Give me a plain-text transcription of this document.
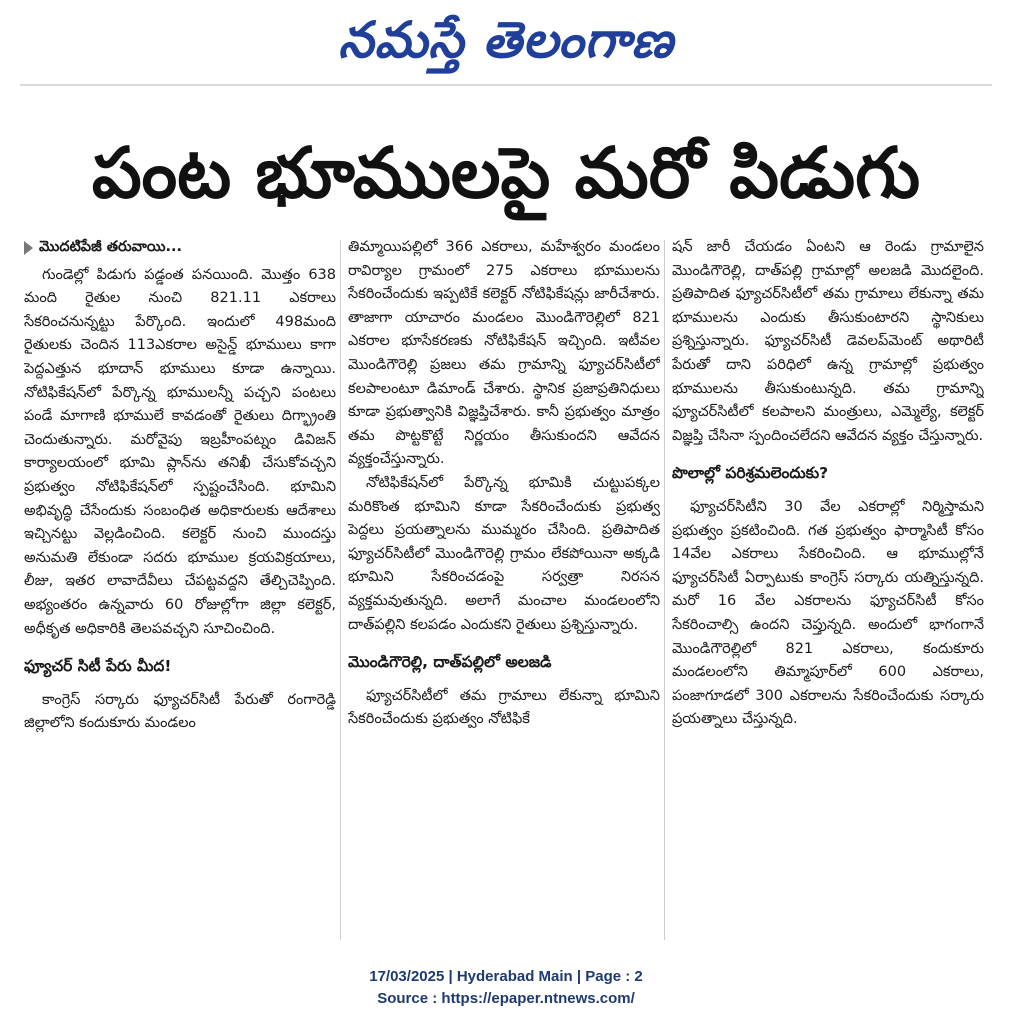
నమస్తే తెలంగాణ
పంట భూములపై మరో పిడుగు
మొదటిపేజీ తరువాయి...

గుండెల్లో పిడుగు పడ్డంత పనయింది. మొత్తం 638 మంది రైతుల నుంచి 821.11 ఎకరాలు సేకరించనున్నట్టు పేర్కొంది. ఇందులో 498మంది రైతులకు చెందిన 113ఎకరాల అసైన్డ్ భూములు కాగా పెద్దఎత్తున భూదాన్ భూములు కూడా ఉన్నాయి. నోటిఫికేషన్‌లో పేర్కొన్న భూములన్నీ పచ్చని పంటలు పండే మాగాణి భూములే కావడంతో రైతులు దిగ్భ్రాంతి చెందుతున్నారు. మరోవైపు ఇబ్రహీంపట్నం డివిజన్ కార్యాలయంలో భూమి ప్లాన్‌ను తనిఖీ చేసుకోవచ్చని ప్రభుత్వం నోటిఫికేషన్‌లో స్పష్టంచేసింది. భూమిని అభివృద్ధి చేసేందుకు సంబంధిత అధికారులకు ఆదేశాలు ఇచ్చినట్టు వెల్లడించింది. కలెక్టర్ నుంచి ముందస్తు అనుమతి లేకుండా సదరు భూముల క్రయవిక్రయాలు, లీజు, ఇతర లావాదేవీలు చేపట్టవద్దని తేల్చిచెప్పింది. అభ్యంతరం ఉన్నవారు 60 రోజుల్లోగా జిల్లా కలెక్టర్, అధీకృత అధికారికి తెలపవచ్చని సూచించింది.

ఫ్యూచర్ సిటీ పేరు మీద!

కాంగ్రెస్ సర్కారు ఫ్యూచర్‌సిటీ పేరుతో రంగారెడ్డి జిల్లాలోని కందుకూరు మండలం

తిమ్మాయిపల్లిలో 366 ఎకరాలు, మహేశ్వరం మండలం రావిర్యాల గ్రామంలో 275 ఎకరాలు భూములను సేకరించేందుకు ఇప్పటికే కలెక్టర్ నోటిఫికేషన్లు జారీచేశారు. తాజాగా యాచారం మండలం మొండిగౌరెల్లిలో 821 ఎకరాల భూసేకరణకు నోటిఫికేషన్ ఇచ్చింది. ఇటీవల మొండిగౌరెల్లి ప్రజలు తమ గ్రామాన్ని ఫ్యూచర్‌సిటీలో కలపాలంటూ డిమాండ్ చేశారు. స్థానిక ప్రజాప్రతినిధులు కూడా ప్రభుత్వానికి విజ్ఞప్తిచేశారు. కానీ ప్రభుత్వం మాత్రం తమ పొట్టకొట్టే నిర్ణయం తీసుకుందని ఆవేదన వ్యక్తంచేస్తున్నారు.

నోటిఫికేషన్‌లో పేర్కొన్న భూమికి చుట్టుపక్కల మరికొంత భూమిని కూడా సేకరించేందుకు ప్రభుత్వ పెద్దలు ప్రయత్నాలను ముమ్మరం చేసింది. ప్రతిపాదిత ఫ్యూచర్‌సిటీలో మొండిగౌరెల్లి గ్రామం లేకపోయినా అక్కడి భూమిని సేకరించడంపై సర్వత్రా నిరసన వ్యక్తమవుతున్నది. అలాగే మంచాల మండలంలోని దాత్‌పల్లిని కలపడం ఎందుకని రైతులు ప్రశ్నిస్తున్నారు.

మొండిగౌరెల్లి, దాత్‌పల్లిలో అలజడి

ఫ్యూచర్‌సిటీలో తమ గ్రామాలు లేకున్నా భూమిని సేకరించేందుకు ప్రభుత్వం నోటిఫికే

షన్ జారీ చేయడం ఏంటని ఆ రెండు గ్రామాలైన మొండిగౌరెల్లి, దాత్‌పల్లి గ్రామాల్లో అలజడి మొదలైంది. ప్రతిపాదిత ఫ్యూచర్‌సిటీలో తమ గ్రామాలు లేకున్నా తమ భూములను ఎందుకు తీసుకుంటారని స్థానికులు ప్రశ్నిస్తున్నారు. ఫ్యూచర్‌సిటీ డెవలప్‌మెంట్ అథారిటీ పేరుతో దాని పరిధిలో ఉన్న గ్రామాల్లో ప్రభుత్వం భూములను తీసుకుంటున్నది. తమ గ్రామాన్ని ఫ్యూచర్‌సిటీలో కలపాలని మంత్రులు, ఎమ్మెల్యే, కలెక్టర్ విజ్ఞప్తి చేసినా స్పందించలేదని ఆవేదన వ్యక్తం చేస్తున్నారు.

పొలాల్లో పరిశ్రమలెందుకు?

ఫ్యూచర్‌సిటీని 30 వేల ఎకరాల్లో నిర్మిస్తామని ప్రభుత్వం ప్రకటించింది. గత ప్రభుత్వం ఫార్మాసిటీ కోసం 14వేల ఎకరాలు సేకరించింది. ఆ భూముల్లోనే ఫ్యూచర్‌సిటీ ఏర్పాటుకు కాంగ్రెస్ సర్కారు యత్నిస్తున్నది. మరో 16 వేల ఎకరాలను ఫ్యూచర్‌సిటీ కోసం సేకరించాల్సి ఉందని చెప్తున్నది. అందులో భాగంగానే మొండిగౌరెల్లిలో 821 ఎకరాలు, కందుకూరు మండలంలోని తిమ్మాపూర్‌లో 600 ఎకరాలు, పంజాగూడలో 300 ఎకరాలను సేకరించేందుకు సర్కారు ప్రయత్నాలు చేస్తున్నది.

17/03/2025 | Hyderabad Main | Page : 2
Source : https://epaper.ntnews.com/
